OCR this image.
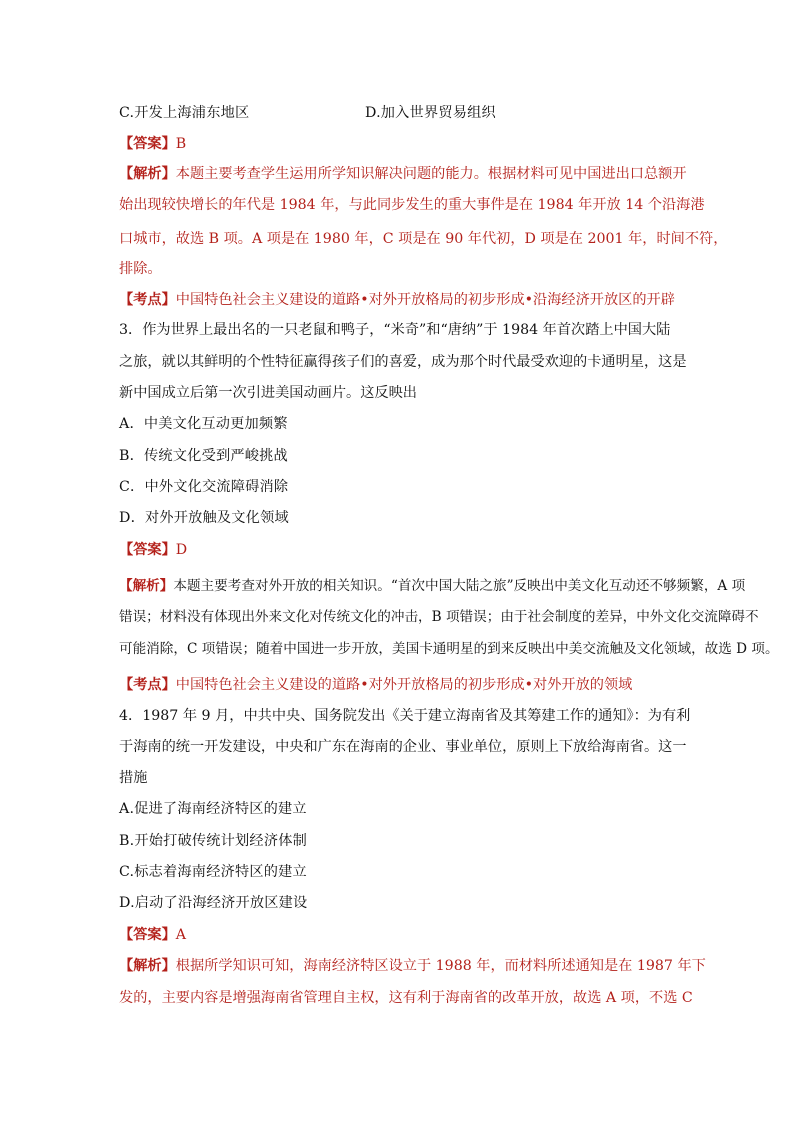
C.开发上海浦东地区	D.加入世界贸易组织
【答案】B
【解析】本题主要考查学生运用所学知识解决问题的能力。根据材料可见中国进出口总额开
始出现较快增长的年代是 1984 年，与此同步发生的重大事件是在 1984 年开放 14 个沿海港
口城市，故选 B 项。A 项是在 1980 年，C 项是在 90 年代初，D 项是在 2001 年，时间不符，
排除。
【考点】中国特色社会主义建设的道路•对外开放格局的初步形成•沿海经济开放区的开辟
3．作为世界上最出名的一只老鼠和鸭子，“米奇”和“唐纳”于 1984 年首次踏上中国大陆
之旅，就以其鲜明的个性特征赢得孩子们的喜爱，成为那个时代最受欢迎的卡通明星，这是
新中国成立后第一次引进美国动画片。这反映出
A．中美文化互动更加频繁
B．传统文化受到严峻挑战
C．中外文化交流障碍消除
D．对外开放触及文化领域
【答案】D
【解析】本题主要考查对外开放的相关知识。“首次中国大陆之旅”反映出中美文化互动还不够频繁，A 项
错误；材料没有体现出外来文化对传统文化的冲击，B 项错误；由于社会制度的差异，中外文化交流障碍不
可能消除，C 项错误；随着中国进一步开放，美国卡通明星的到来反映出中美交流触及文化领域，故选 D 项。
【考点】中国特色社会主义建设的道路•对外开放格局的初步形成•对外开放的领域
4．1987 年 9 月，中共中央、国务院发出《关于建立海南省及其筹建工作的通知》：为有利
于海南的统一开发建设，中央和广东在海南的企业、事业单位，原则上下放给海南省。这一
措施
A.促进了海南经济特区的建立
B.开始打破传统计划经济体制
C.标志着海南经济特区的建立
D.启动了沿海经济开放区建设
【答案】A
【解析】根据所学知识可知，海南经济特区设立于 1988 年，而材料所述通知是在 1987 年下
发的，主要内容是增强海南省管理自主权，这有利于海南省的改革开放，故选 A 项，不选 C
